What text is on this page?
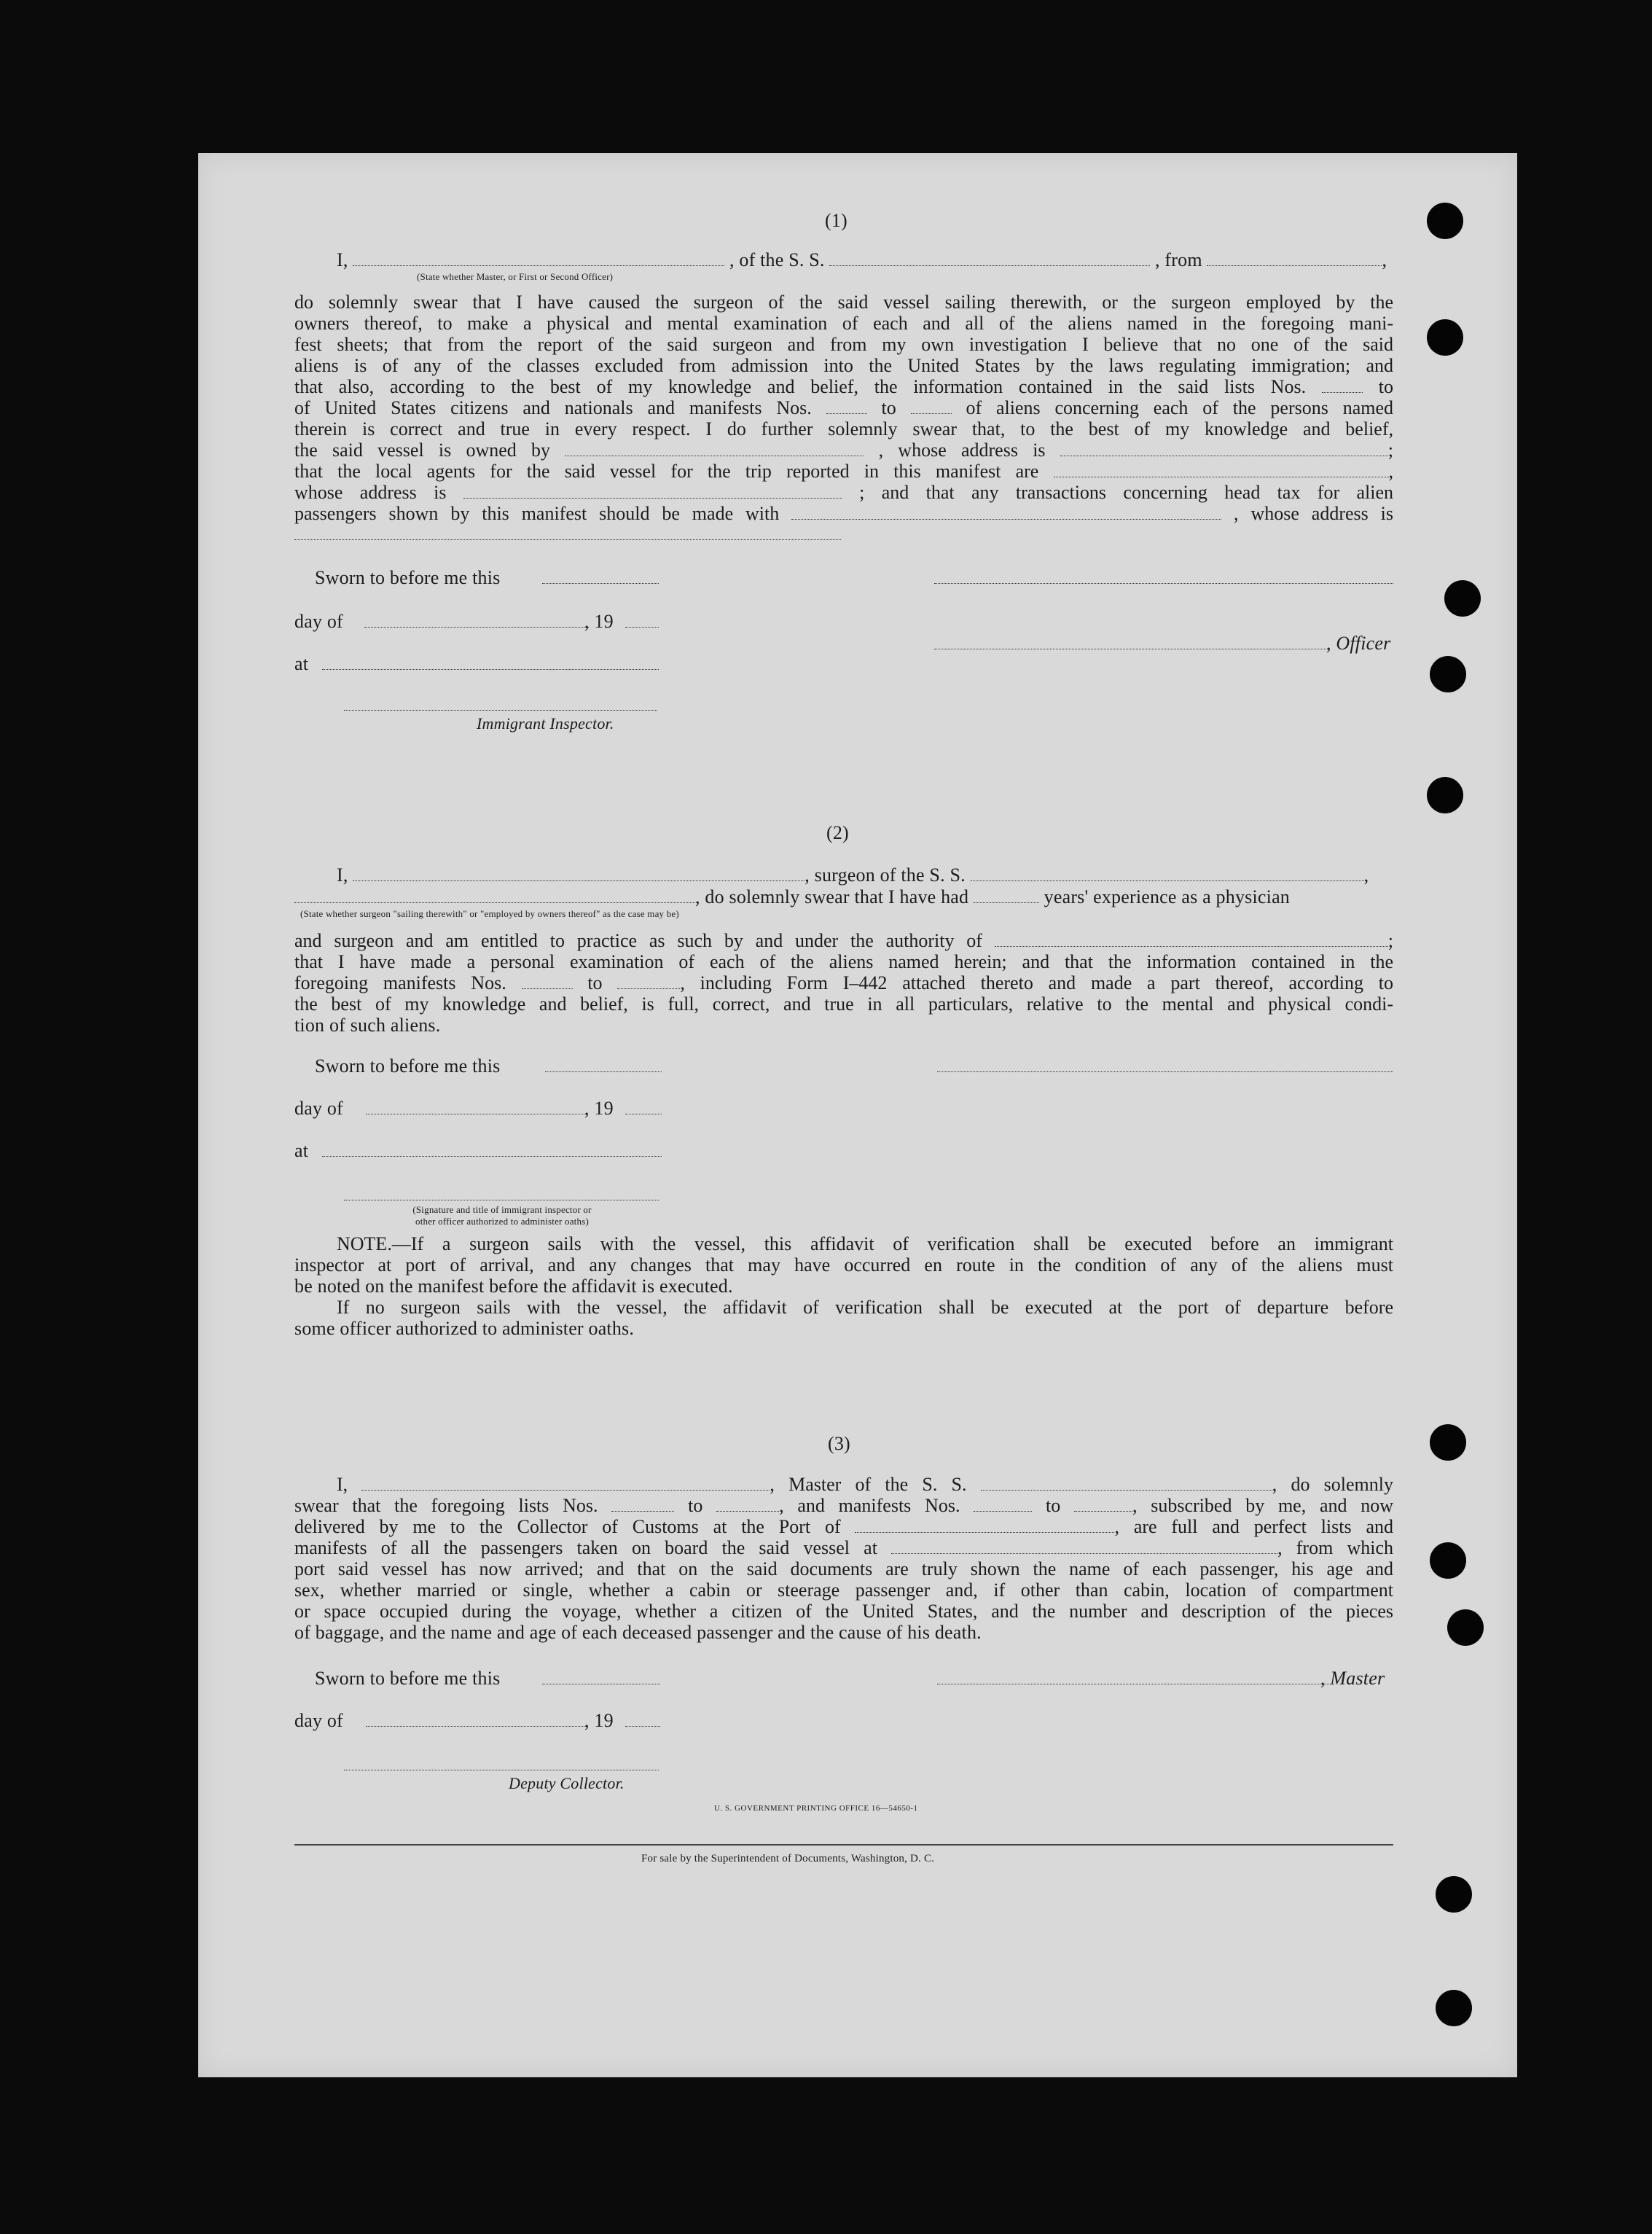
(1)
I,	, of the S. S.	, from	,
(State whether Master, or First or Second Officer)
do solemnly swear that I have caused the surgeon of the said vessel sailing therewith, or the surgeon employed by the
owners thereof, to make a physical and mental examination of each and all of the aliens named in the foregoing mani-
fest sheets; that from the report of the said surgeon and from my own investigation I believe that no one of the said
aliens is of any of the classes excluded from admission into the United States by the laws regulating immigration; and
that also, according to the best of my knowledge and belief, the information contained in the said lists Nos.	to
of United States citizens and nationals and manifests Nos.	to	of aliens concerning each of the persons named
therein is correct and true in every respect. I do further solemnly swear that, to the best of my knowledge and belief,
the said vessel is owned by	, whose address is	;
that the local agents for the said vessel for the trip reported in this manifest are	,
whose address is	; and that any transactions concerning head tax for alien
passengers shown by this manifest should be made with	, whose address is
Sworn to before me this
day of	, 19
, Officer
at
Immigrant Inspector.
(2)
I,	, surgeon of the S. S.	,
, do solemnly swear that I have had	years' experience as a physician
(State whether surgeon "sailing therewith" or "employed by owners thereof" as the case may be)
and surgeon and am entitled to practice as such by and under the authority of	;
that I have made a personal examination of each of the aliens named herein; and that the information contained in the
foregoing manifests Nos.	to	, including Form I–442 attached thereto and made a part thereof, according to
the best of my knowledge and belief, is full, correct, and true in all particulars, relative to the mental and physical condi-
tion of such aliens.
Sworn to before me this
day of	, 19
at
(Signature and title of immigrant inspector or
other officer authorized to administer oaths)
NOTE.—If a surgeon sails with the vessel, this affidavit of verification shall be executed before an immigrant
inspector at port of arrival, and any changes that may have occurred en route in the condition of any of the aliens must
be noted on the manifest before the affidavit is executed.
If no surgeon sails with the vessel, the affidavit of verification shall be executed at the port of departure before
some officer authorized to administer oaths.
(3)
I,	, Master of the S. S.	, do solemnly
swear that the foregoing lists Nos.	to	, and manifests Nos.	to	, subscribed by me, and now
delivered by me to the Collector of Customs at the Port of	, are full and perfect lists and
manifests of all the passengers taken on board the said vessel at	, from which
port said vessel has now arrived; and that on the said documents are truly shown the name of each passenger, his age and
sex, whether married or single, whether a cabin or steerage passenger and, if other than cabin, location of compartment
or space occupied during the voyage, whether a citizen of the United States, and the number and description of the pieces
of baggage, and the name and age of each deceased passenger and the cause of his death.
Sworn to before me this	, Master
day of	, 19
Deputy Collector.
U. S. GOVERNMENT PRINTING OFFICE 16—54650-1
For sale by the Superintendent of Documents, Washington, D. C.
